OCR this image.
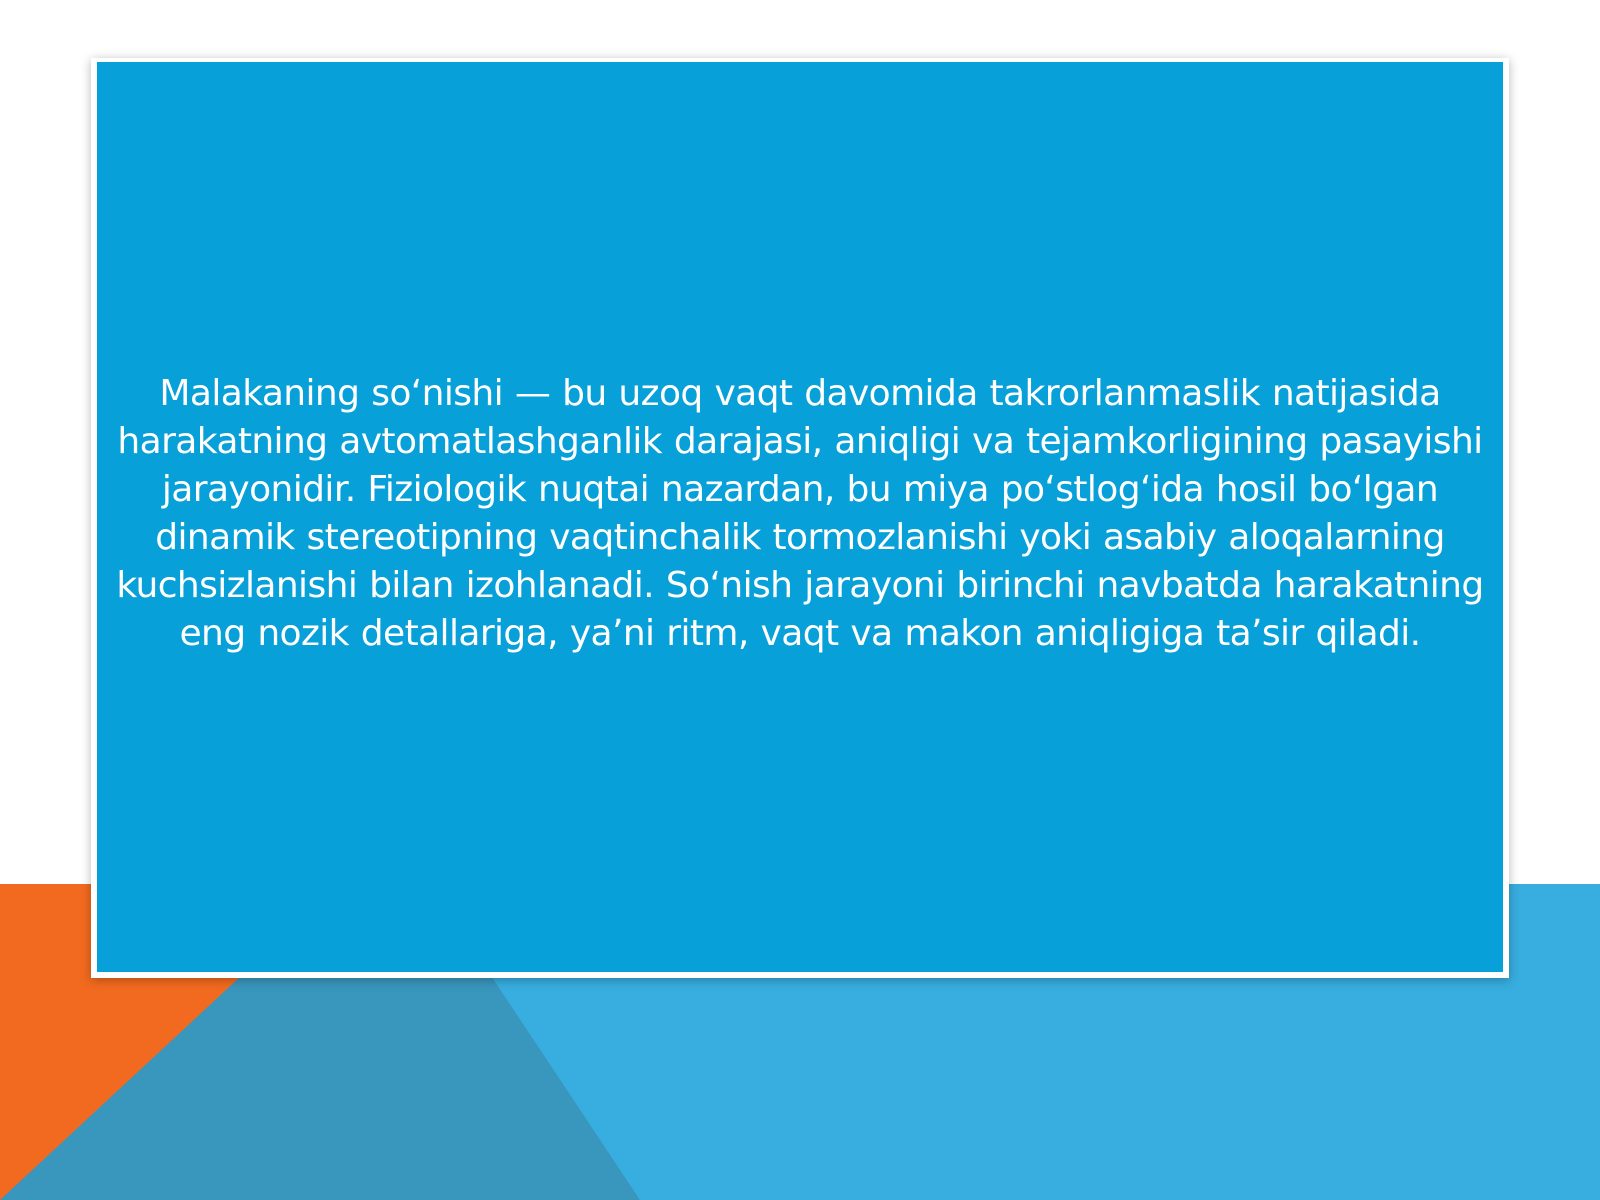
Malakaning so‘nishi — bu uzoq vaqt davomida takrorlanmaslik natijasida harakatning avtomatlashganlik darajasi, aniqligi va tejamkorligining pasayishi jarayonidir. Fiziologik nuqtai nazardan, bu miya po‘stlog‘ida hosil bo‘lgan dinamik stereotipning vaqtinchalik tormozlanishi yoki asabiy aloqalarning kuchsizlanishi bilan izohlanadi. So‘nish jarayoni birinchi navbatda harakatning eng nozik detallariga, ya’ni ritm, vaqt va makon aniqligiga ta’sir qiladi.
